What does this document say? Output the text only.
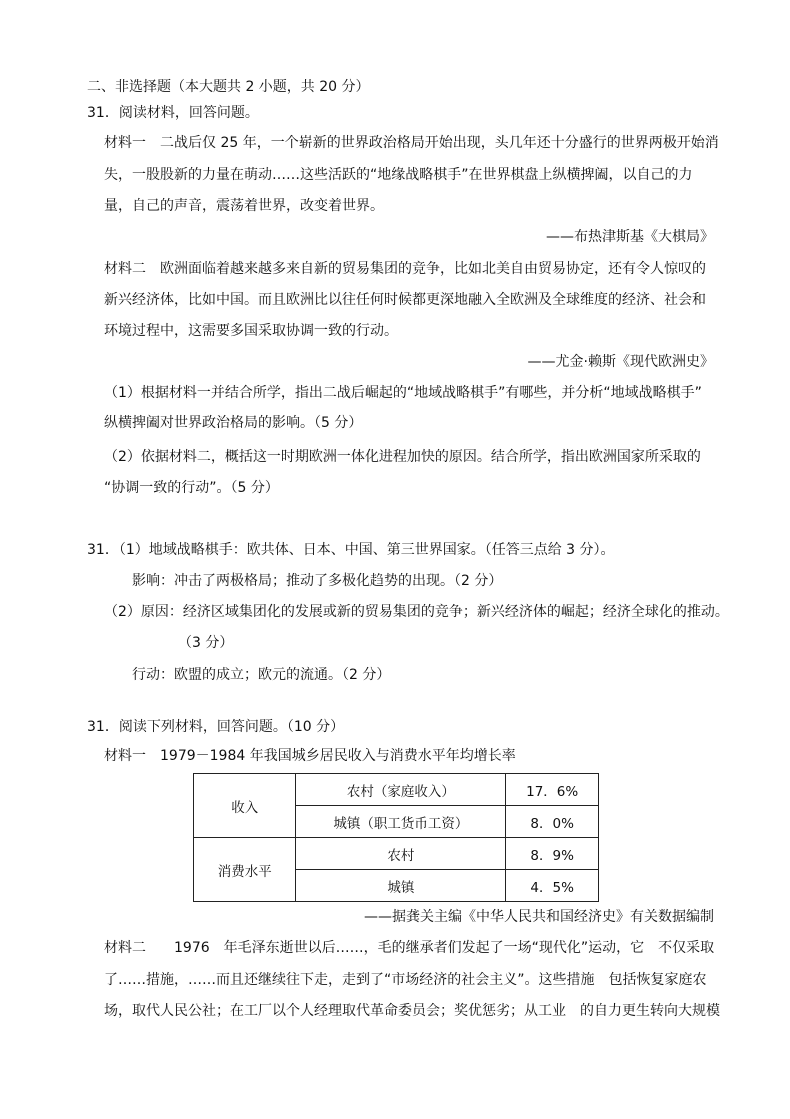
二、非选择题（本大题共 2 小题，共 20 分）
31．阅读材料，回答问题。
材料一　二战后仅 25 年，一个崭新的世界政治格局开始出现，头几年还十分盛行的世界两极开始消
失，一股股新的力量在萌动……这些活跃的“地缘战略棋手”在世界棋盘上纵横捭阖，以自己的力
量，自己的声音，震荡着世界，改变着世界。
——布热津斯基《大棋局》
材料二　欧洲面临着越来越多来自新的贸易集团的竞争，比如北美自由贸易协定，还有令人惊叹的
新兴经济体，比如中国。而且欧洲比以往任何时候都更深地融入全欧洲及全球维度的经济、社会和
环境过程中，这需要多国采取协调一致的行动。
——尤金·赖斯《现代欧洲史》
（1）根据材料一并结合所学，指出二战后崛起的“地域战略棋手”有哪些，并分析“地域战略棋手”
纵横捭阖对世界政治格局的影响。（5 分）
（2）依据材料二，概括这一时期欧洲一体化进程加快的原因。结合所学，指出欧洲国家所采取的
“协调一致的行动”。（5 分）
31．（1）地域战略棋手：欧共体、日本、中国、第三世界国家。（任答三点给 3 分）。
影响：冲击了两极格局；推动了多极化趋势的出现。（2 分）
（2）原因：经济区域集团化的发展或新的贸易集团的竞争；新兴经济体的崛起；经济全球化的推动。
（3 分）
行动：欧盟的成立；欧元的流通。（2 分）
31．阅读下列材料，回答问题。（10 分）
材料一　1979－1984 年我国城乡居民收入与消费水平年均增长率
收入	农村（家庭收入）	17．6%
	城镇（职工货币工资）	8．0%
消费水平	农村	8．9%
	城镇	4．5%
——据龚关主编《中华人民共和国经济史》有关数据编制
材料二　　1976　年毛泽东逝世以后……，毛的继承者们发起了一场“现代化”运动，它　不仅采取
了……措施，……而且还继续往下走，走到了“市场经济的社会主义”。这些措施　包括恢复家庭农
场，取代人民公社；在工厂以个人经理取代革命委员会；奖优惩劣；从工业　的自力更生转向大规模
